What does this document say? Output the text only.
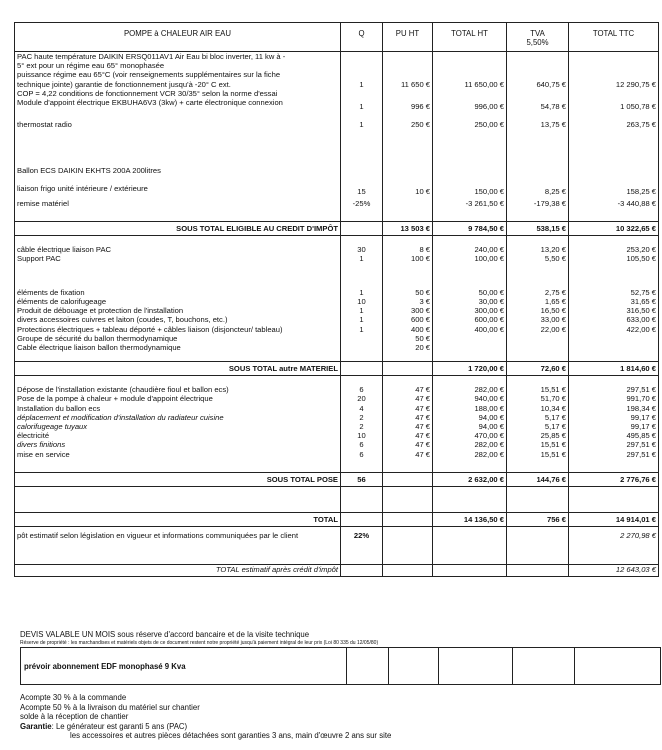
POMPE à CHALEUR AIR EAU	Q	PU HT	TOTAL HT	TVA
5,50%	TOTAL TTC

PAC haute température DAIKIN ERSQ011AV1 Air Eau bi bloc inverter, 11 kw à -
5° ext pour un régime eau 65° monophasée
puissance régime eau 65°C (voir renseignements supplémentaires sur la fiche
technique jointe) garantie de fonctionnement jusqu'à -20° C ext.
COP = 4,22 conditions de fonctionnement VCR 30/35° selon la norme d'essai	1	11 650 €	11 650,00 €	640,75 €	12 290,75 €
Module d'appoint électrique EKBUHA6V3 (3kw) + carte électronique connexion	1	996 €	996,00 €	54,78 €	1 050,78 €
thermostat radio	1	250 €	250,00 €	13,75 €	263,75 €
Ballon ECS DAIKIN EKHTS 200A 200litres					
liaison frigo unité intérieure / extérieure	15	10 €	150,00 €	8,25 €	158,25 €
remise matériel	-25%		-3 261,50 €	-179,38 €	-3 440,88 €
SOUS TOTAL ELIGIBLE AU CREDIT D'IMPÔT		13 503 €	9 784,50 €	538,15 €	10 322,65 €

câble électrique liaison PAC	30	8 €	240,00 €	13,20 €	253,20 €
Support PAC	1	100 €	100,00 €	5,50 €	105,50 €
éléments de fixation	1	50 €	50,00 €	2,75 €	52,75 €
éléments de calorifugeage	10	3 €	30,00 €	1,65 €	31,65 €
Produit de débouage et protection de l'installation	1	300 €	300,00 €	16,50 €	316,50 €
divers accessoires cuivres et laiton (coudes, T, bouchons, etc.)	1	600 €	600,00 €	33,00 €	633,00 €
Protections électriques + tableau déporté + câbles liaison (disjoncteur/ tableau)	1	400 €	400,00 €	22,00 €	422,00 €
Groupe de sécurité du ballon thermodynamique		50 €			
Cable électrique liaison ballon thermodynamique		20 €			

SOUS TOTAL autre MATERIEL			1 720,00 €	72,60 €	1 814,60 €

Dépose de l'installation existante (chaudière fioul et ballon ecs)	6	47 €	282,00 €	15,51 €	297,51 €
Pose de la pompe à chaleur + module d'appoint électrique	20	47 €	940,00 €	51,70 €	991,70 €
Installation du ballon ecs	4	47 €	188,00 €	10,34 €	198,34 €
déplacement et modification d'installation du radiateur cuisine	2	47 €	94,00 €	5,17 €	99,17 €
calorifugeage tuyaux	2	47 €	94,00 €	5,17 €	99,17 €
électricité	10	47 €	470,00 €	25,85 €	495,85 €
divers finitions	6	47 €	282,00 €	15,51 €	297,51 €
mise en service	6	47 €	282,00 €	15,51 €	297,51 €

SOUS TOTAL POSE	56		2 632,00 €	144,76 €	2 776,76 €

TOTAL			14 136,50 €	756 €	14 914,01 €
pôt estimatif selon législation en vigueur et informations communiquées par le client	22%				2 270,98 €

TOTAL estimatif après crédit d'impôt					12 643,03 €
DEVIS VALABLE UN MOIS sous réserve d'accord bancaire et de la visite technique
Réserve de propriété : les marchandises et matériels objets de ce document restent notre propriété jusqu'à paiement intégral de leur prix (Loi 80 335 du 12/05/80)
prévoir abonnement EDF monophasé 9 Kva					
Acompte 30 % à la commande
Acompte 50 % à la livraison du matériel sur chantier
solde à la réception de chantier
Garantie: Le générateur est garanti 5 ans (PAC)
les accessoires et autres pièces détachées sont garanties 3 ans, main d'œuvre 2 ans sur site
